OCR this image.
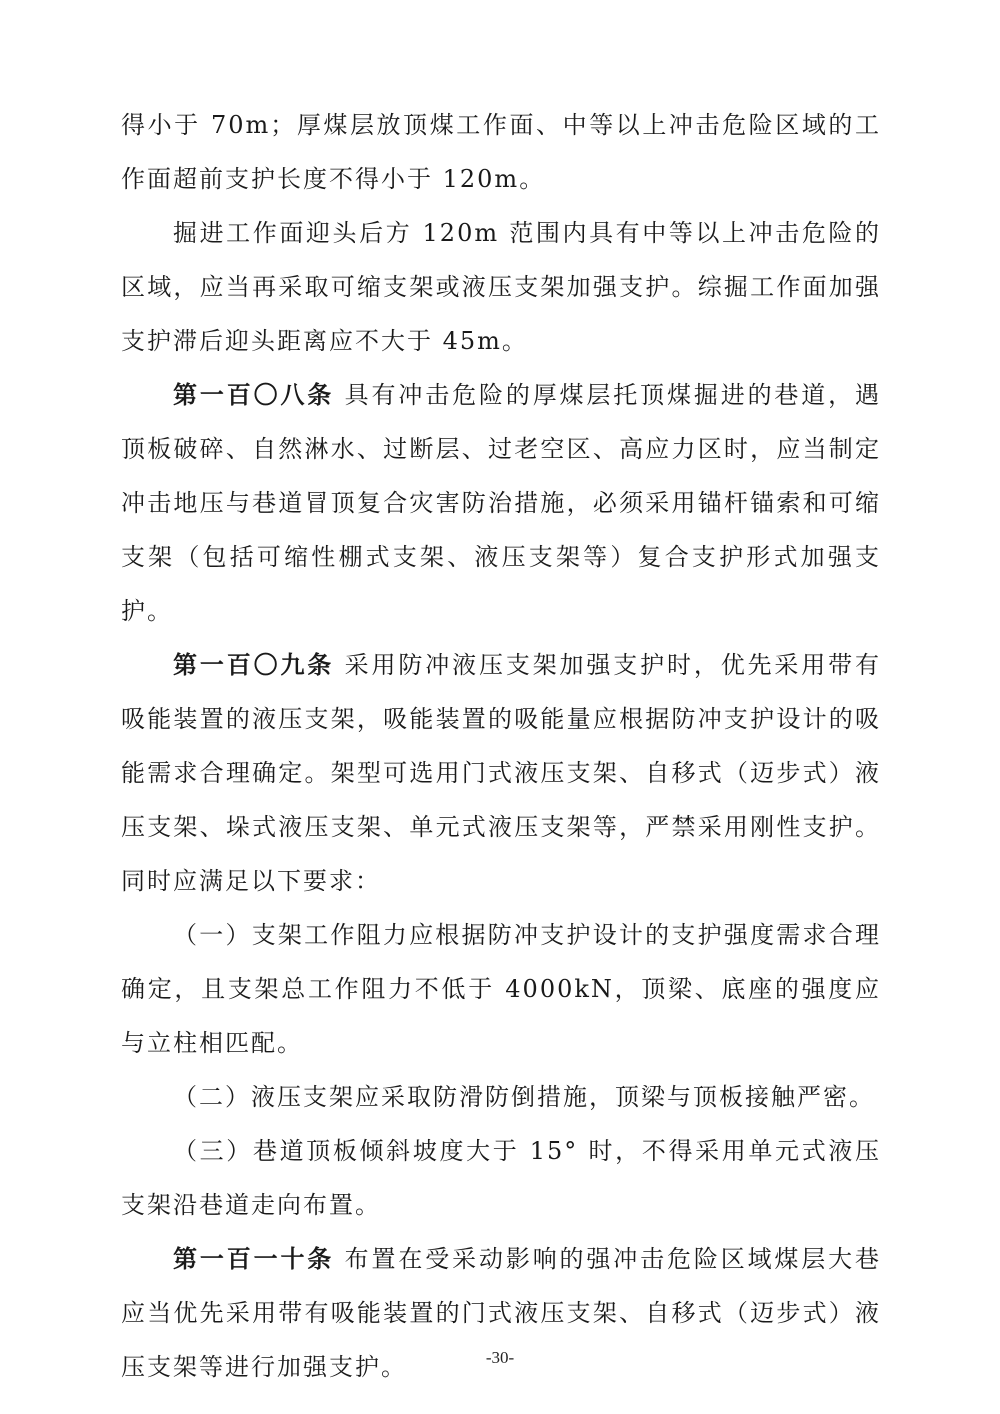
得小于 70m；厚煤层放顶煤工作面、中等以上冲击危险区域的工作面超前支护长度不得小于 120m。

掘进工作面迎头后方 120m 范围内具有中等以上冲击危险的区域，应当再采取可缩支架或液压支架加强支护。综掘工作面加强支护滞后迎头距离应不大于 45m。

第一百〇八条 具有冲击危险的厚煤层托顶煤掘进的巷道，遇顶板破碎、自然淋水、过断层、过老空区、高应力区时，应当制定冲击地压与巷道冒顶复合灾害防治措施，必须采用锚杆锚索和可缩支架（包括可缩性棚式支架、液压支架等）复合支护形式加强支护。

第一百〇九条 采用防冲液压支架加强支护时，优先采用带有吸能装置的液压支架，吸能装置的吸能量应根据防冲支护设计的吸能需求合理确定。架型可选用门式液压支架、自移式（迈步式）液压支架、垛式液压支架、单元式液压支架等，严禁采用刚性支护。同时应满足以下要求：

（一）支架工作阻力应根据防冲支护设计的支护强度需求合理确定，且支架总工作阻力不低于 4000kN，顶梁、底座的强度应与立柱相匹配。

（二）液压支架应采取防滑防倒措施，顶梁与顶板接触严密。

（三）巷道顶板倾斜坡度大于 15° 时，不得采用单元式液压支架沿巷道走向布置。

第一百一十条 布置在受采动影响的强冲击危险区域煤层大巷应当优先采用带有吸能装置的门式液压支架、自移式（迈步式）液压支架等进行加强支护。	-30-
